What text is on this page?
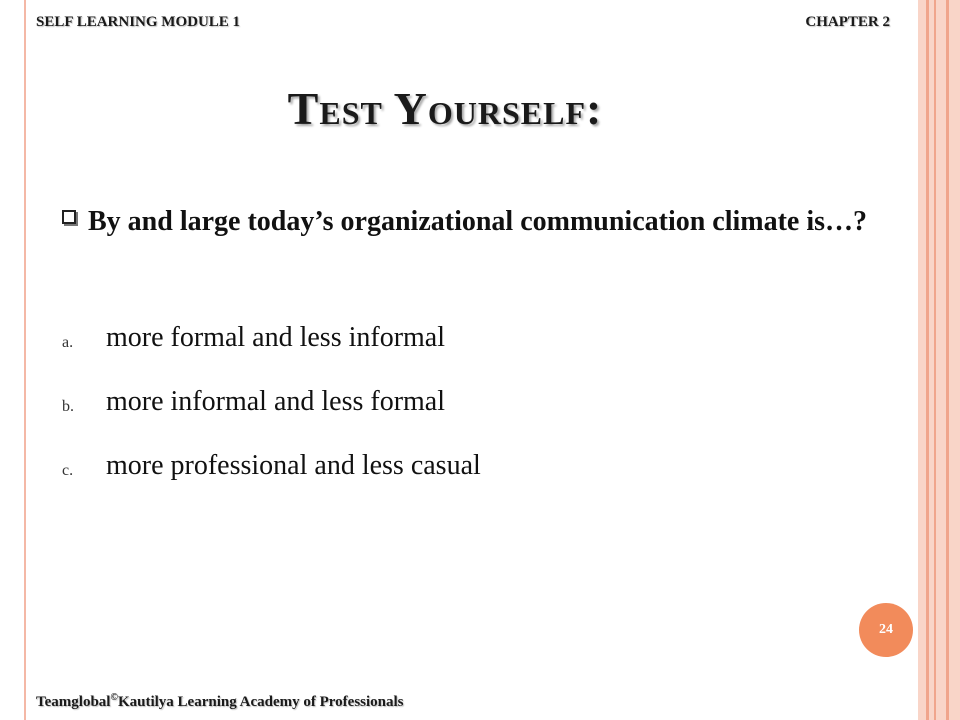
SELF LEARNING MODULE 1	CHAPTER 2
Test Yourself:
By and large today’s organizational communication climate is…?
a. more formal and less informal
b. more informal and less formal
c. more professional and less casual
24
Teamglobal©Kautilya Learning Academy of Professionals
